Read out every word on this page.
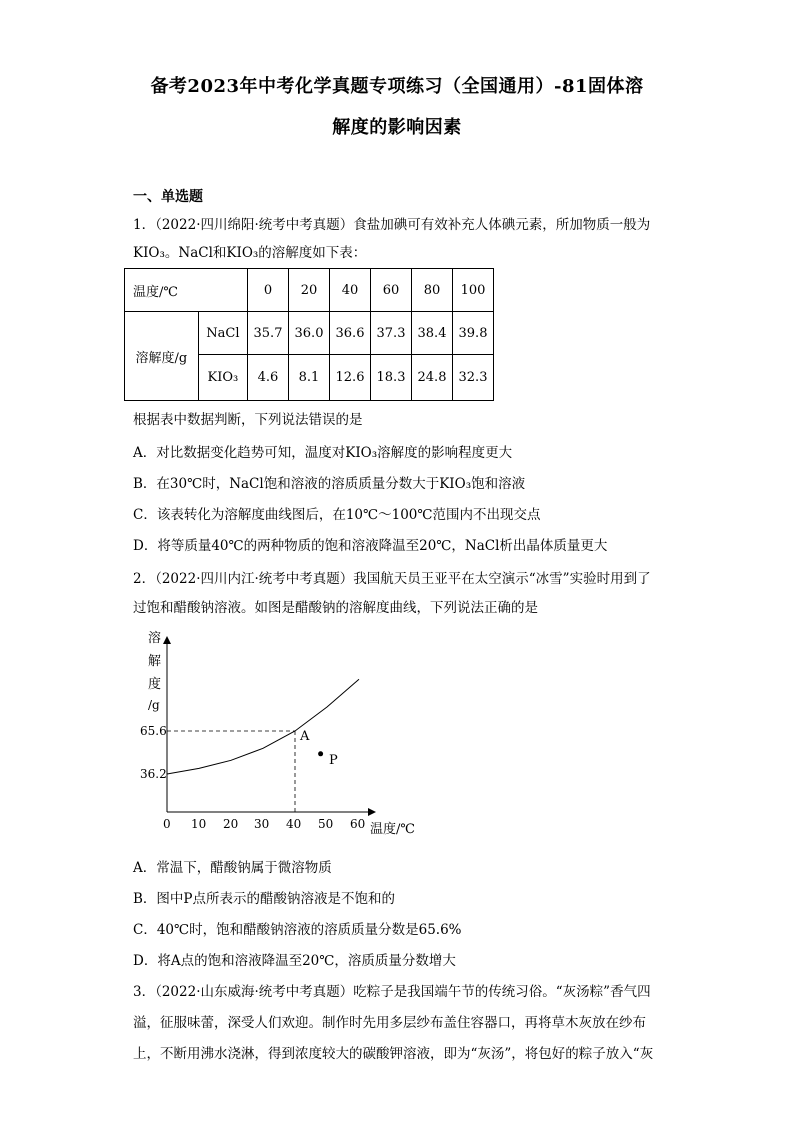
备考2023年中考化学真题专项练习（全国通用）-81固体溶
解度的影响因素
一、单选题
1．（2022·四川绵阳·统考中考真题）食盐加碘可有效补充人体碘元素，所加物质一般为
KIO₃。NaCl和KIO₃的溶解度如下表：
温度/℃		0	20	40	60	80	100
溶解度/g	NaCl	35.7	36.0	36.6	37.3	38.4	39.8
	KIO₃	4.6	8.1	12.6	18.3	24.8	32.3
根据表中数据判断，下列说法错误的是
A．对比数据变化趋势可知，温度对KIO₃溶解度的影响程度更大
B．在30℃时，NaCl饱和溶液的溶质质量分数大于KIO₃饱和溶液
C．该表转化为溶解度曲线图后，在10℃～100℃范围内不出现交点
D．将等质量40℃的两种物质的饱和溶液降温至20℃，NaCl析出晶体质量更大
2．（2022·四川内江·统考中考真题）我国航天员王亚平在太空演示“冰雪”实验时用到了
过饱和醋酸钠溶液。如图是醋酸钠的溶解度曲线，下列说法正确的是
溶
解
度
/g
65.6
36.2
0 10 20 30 40 50 60 温度/℃
A
P
A．常温下，醋酸钠属于微溶物质
B．图中P点所表示的醋酸钠溶液是不饱和的
C．40℃时，饱和醋酸钠溶液的溶质质量分数是65.6%
D．将A点的饱和溶液降温至20℃，溶质质量分数增大
3．（2022·山东威海·统考中考真题）吃粽子是我国端午节的传统习俗。“灰汤粽”香气四
溢，征服味蕾，深受人们欢迎。制作时先用多层纱布盖住容器口，再将草木灰放在纱布
上，不断用沸水浇淋，得到浓度较大的碳酸钾溶液，即为“灰汤”，将包好的粽子放入“灰
